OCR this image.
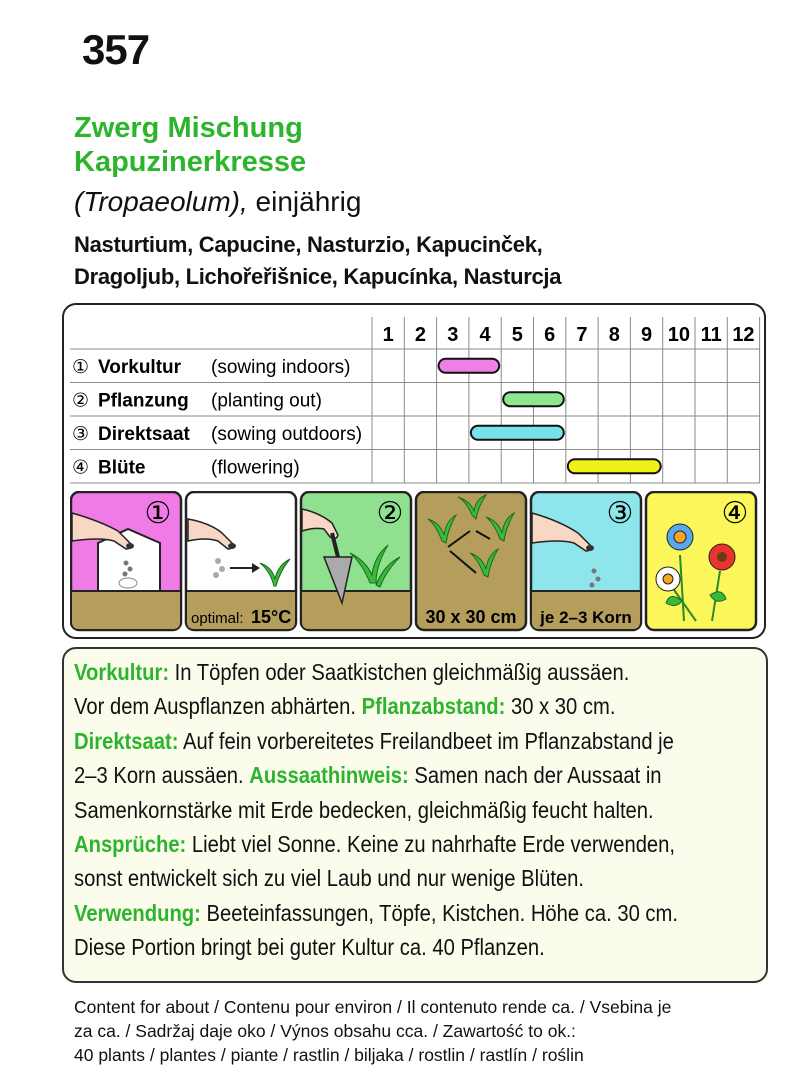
357
Zwerg Mischung
Kapuzinerkresse
(Tropaeolum), einjährig
Nasturtium, Capucine, Nasturzio, Kapucinček,
Dragoljub, Lichořeřišnice, Kapucínka, Nasturcja
1 2 3 4 5 6 7 8 9 10 11 12
① Vorkultur (sowing indoors)
② Pflanzung (planting out)
③ Direktsaat (sowing outdoors)
④ Blüte	(flowering)
①
optimal: 15°C
②
30 x 30 cm
③
je 2–3 Korn
④

Vorkultur: In Töpfen oder Saatkistchen gleichmäßig aussäen.

Vor dem Auspflanzen abhärten. Pflanzabstand: 30 x 30 cm.

Direktsaat: Auf fein vorbereitetes Freilandbeet im Pflanzabstand je

2–3 Korn aussäen. Aussaathinweis: Samen nach der Aussaat in

Samenkornstärke mit Erde bedecken, gleichmäßig feucht halten.

Ansprüche: Liebt viel Sonne. Keine zu nahrhafte Erde verwenden,

sonst entwickelt sich zu viel Laub und nur wenige Blüten.

Verwendung: Beeteinfassungen, Töpfe, Kistchen. Höhe ca. 30 cm.

Diese Portion bringt bei guter Kultur ca. 40 Pflanzen.

Content for about / Contenu pour environ / Il contenuto rende ca. / Vsebina je
za ca. / Sadržaj daje oko / Výnos obsahu cca. / Zawartość to ok.:
40 plants / plantes / piante / rastlin / biljaka / rostlin / rastlín / roślin
